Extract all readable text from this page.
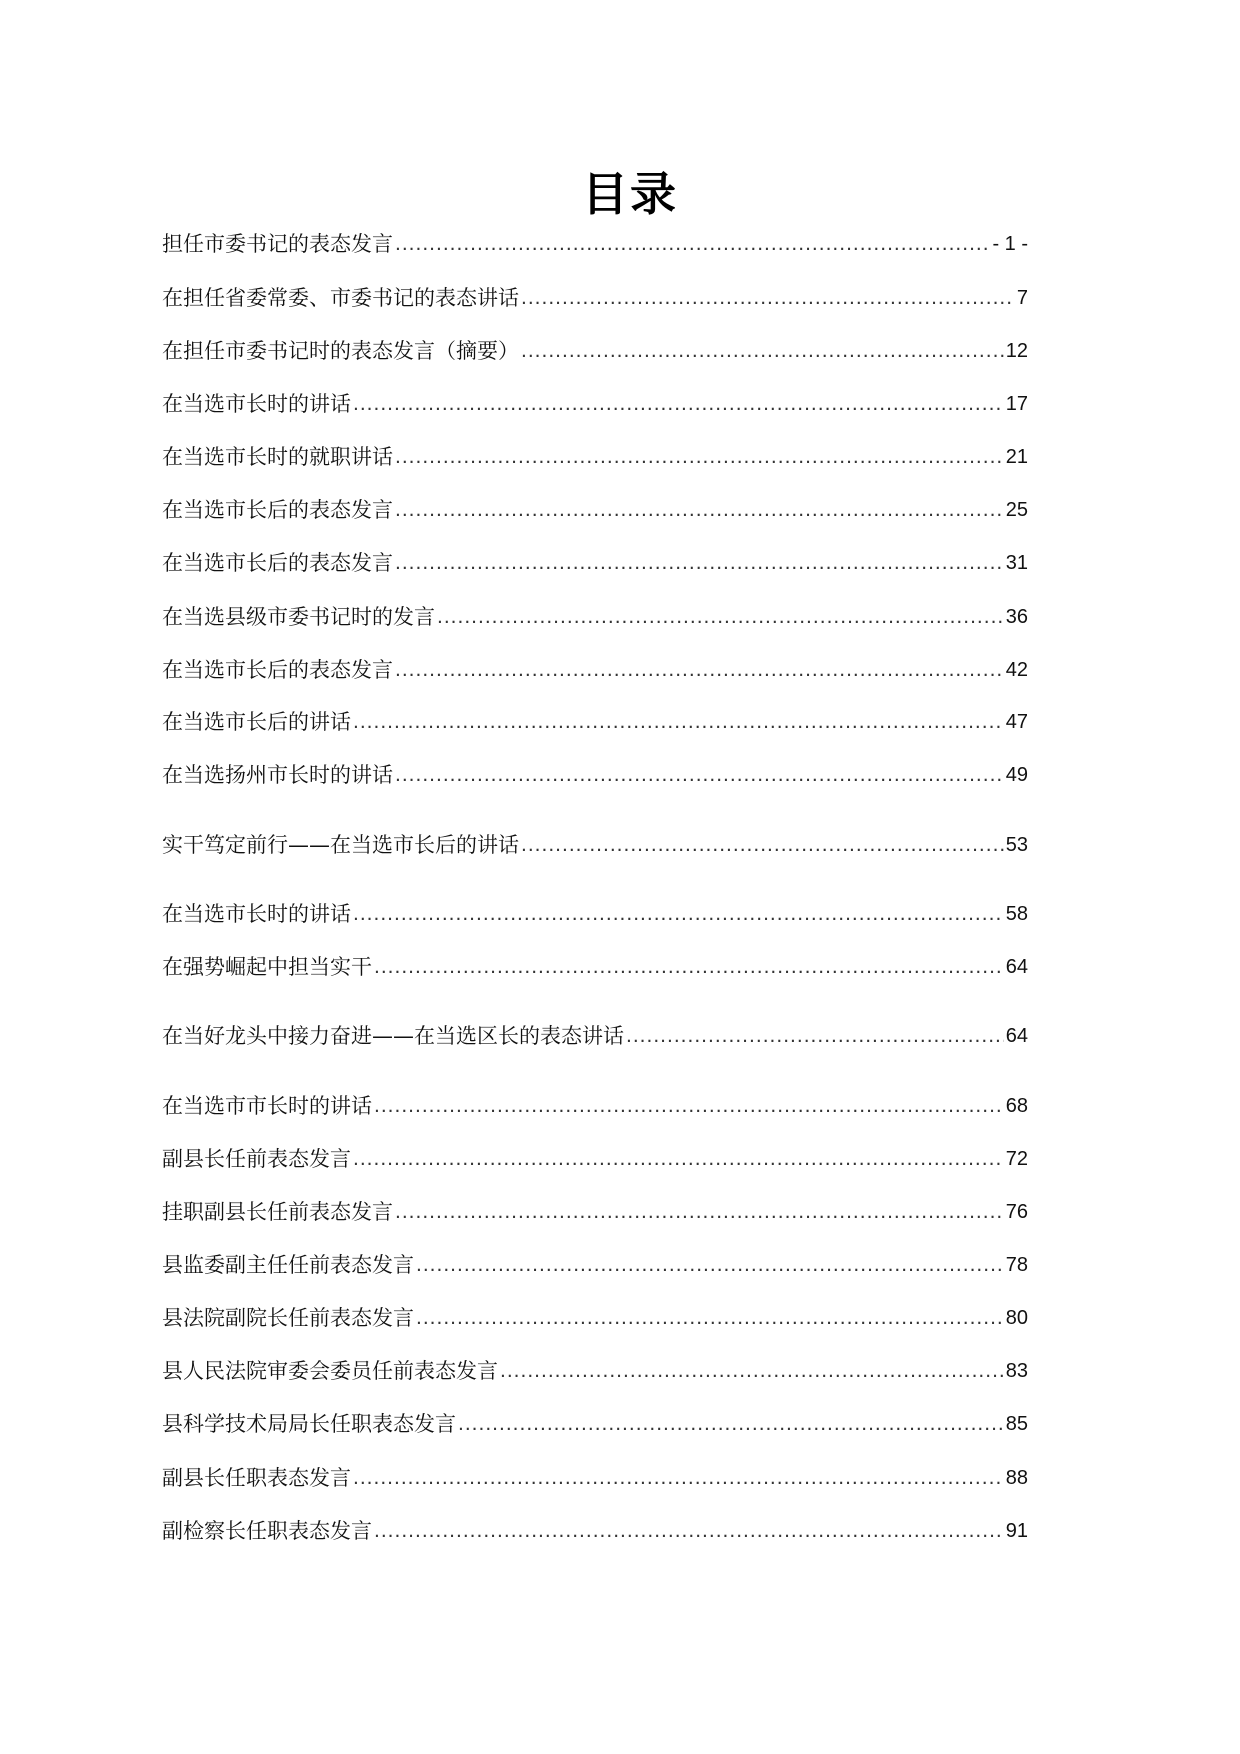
目录
担任市委书记的表态发言 .....	- 1 -
在担任省委常委、市委书记的表态讲话 .....	7
在担任市委书记时的表态发言（摘要） .....	12
在当选市长时的讲话 .....	17
在当选市长时的就职讲话 .....	21
在当选市长后的表态发言 .....	25
在当选市长后的表态发言 .....	31
在当选县级市委书记时的发言 .....	36
在当选市长后的表态发言 .....	42
在当选市长后的讲话 .....	47
在当选扬州市长时的讲话 .....	49
实干笃定前行 ——在当选市长后的讲话 .....	53
在当选市长时的讲话 .....	58
在强势崛起中担当实干 .....	64
在当好龙头中接力奋进 ——在当选区长的表态讲话 .....	64
在当选市市长时的讲话 .....	68
副县长任前表态发言 .....	72
挂职副县长任前表态发言 .....	76
县监委副主任任前表态发言 .....	78
县法院副院长任前表态发言 .....	80
县人民法院审委会委员任前表态发言 .....	83
县科学技术局局长任职表态发言 .....	85
副县长任职表态发言 .....	88
副检察长任职表态发言 .....	91
